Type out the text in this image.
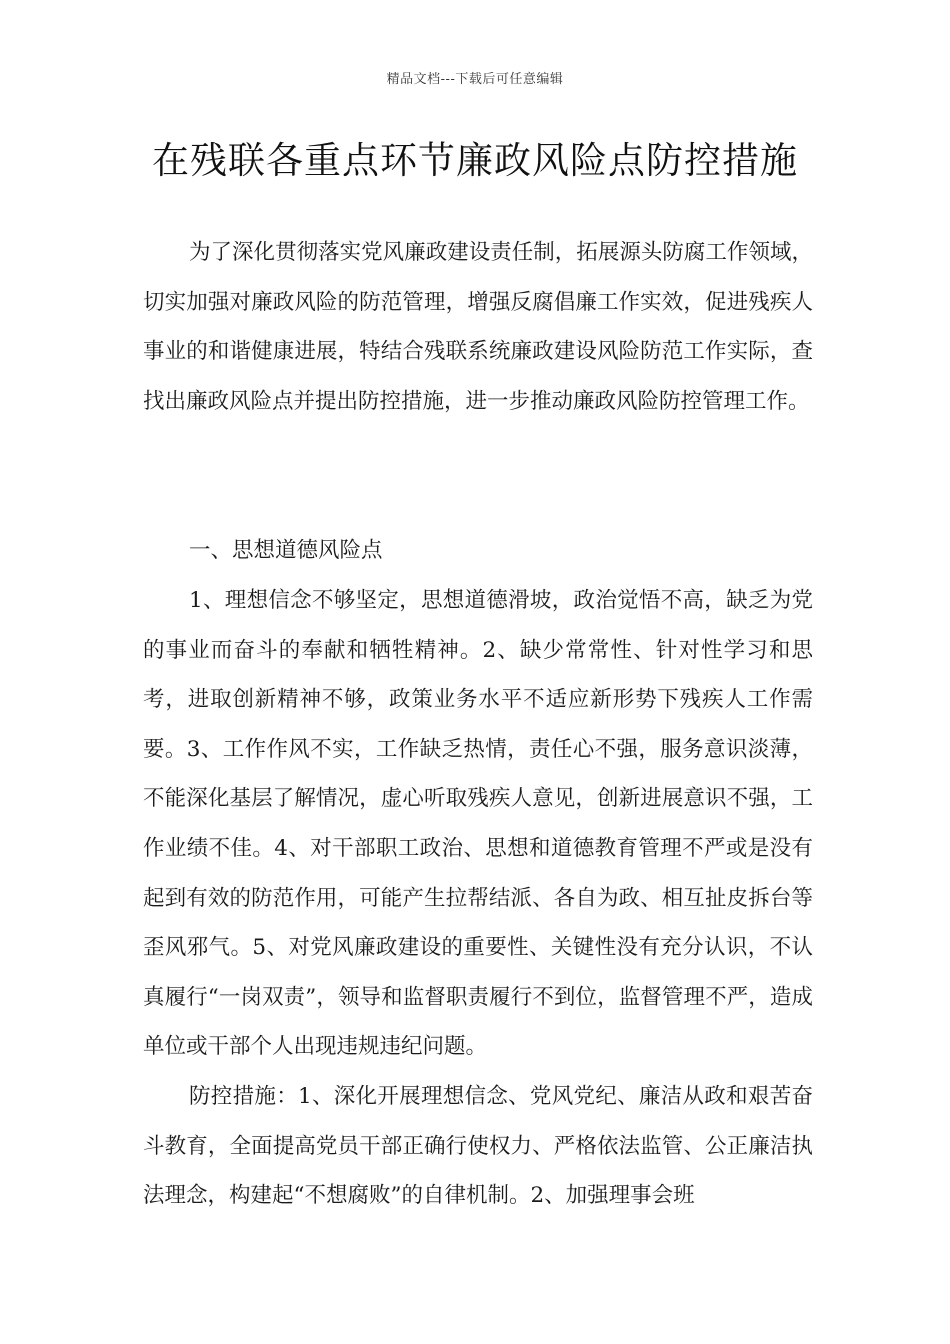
精品文档---下载后可任意编辑
在残联各重点环节廉政风险点防控措施

为了深化贯彻落实党风廉政建设责任制，拓展源头防腐工作领域，切实加强对廉政风险的防范管理，增强反腐倡廉工作实效，促进残疾人事业的和谐健康进展，特结合残联系统廉政建设风险防范工作实际，查找出廉政风险点并提出防控措施，进一步推动廉政风险防控管理工作。

一、思想道德风险点

1、理想信念不够坚定，思想道德滑坡，政治觉悟不高，缺乏为党的事业而奋斗的奉献和牺牲精神。2、缺少常常性、针对性学习和思考，进取创新精神不够，政策业务水平不适应新形势下残疾人工作需要。3、工作作风不实，工作缺乏热情，责任心不强，服务意识淡薄，不能深化基层了解情况，虚心听取残疾人意见，创新进展意识不强，工作业绩不佳。4、对干部职工政治、思想和道德教育管理不严或是没有起到有效的防范作用，可能产生拉帮结派、各自为政、相互扯皮拆台等歪风邪气。5、对党风廉政建设的重要性、关键性没有充分认识，不认真履行“一岗双责”，领导和监督职责履行不到位，监督管理不严，造成单位或干部个人出现违规违纪问题。

防控措施：1、深化开展理想信念、党风党纪、廉洁从政和艰苦奋斗教育，全面提高党员干部正确行使权力、严格依法监管、公正廉洁执法理念，构建起“不想腐败”的自律机制。2、加强理事会班
